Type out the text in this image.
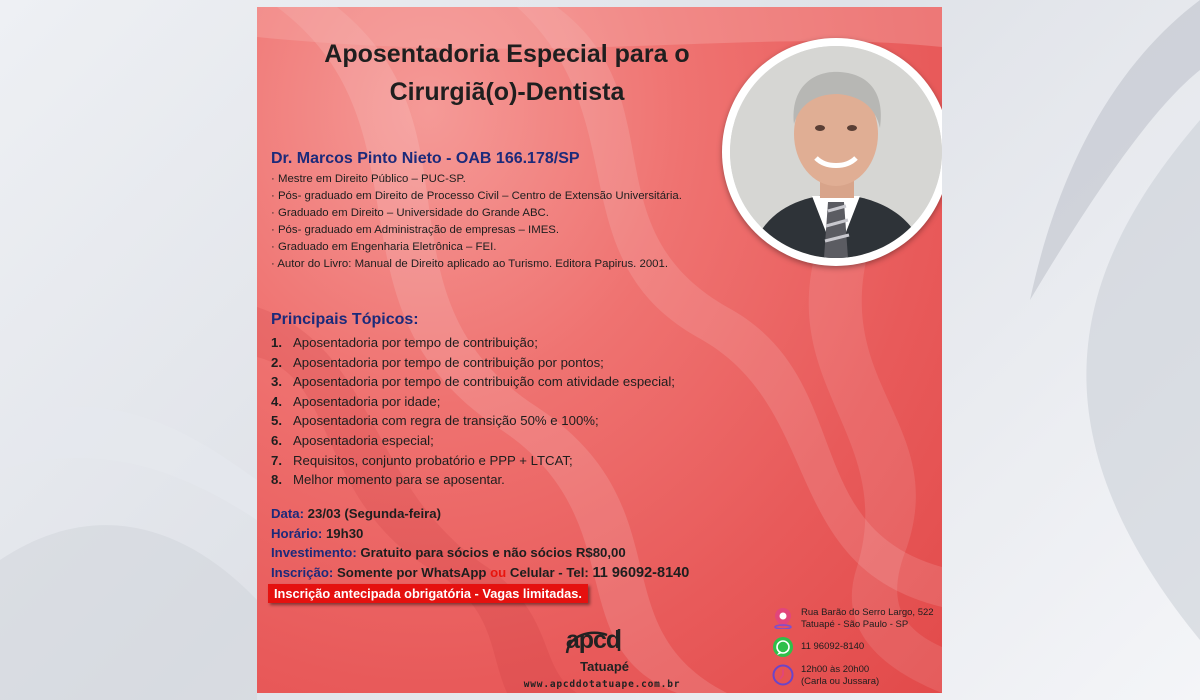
Aposentadoria Especial para o
Cirurgiã(o)-Dentista
Dr. Marcos Pinto Nieto - OAB 166.178/SP
· Mestre em Direito Público – PUC-SP.
· Pós- graduado em Direito de Processo Civil – Centro de Extensão Universitária.
· Graduado em Direito – Universidade do Grande ABC.
· Pós- graduado em Administração de empresas – IMES.
· Graduado em Engenharia Eletrônica – FEI.
· Autor do Livro: Manual de Direito aplicado ao Turismo. Editora Papirus. 2001.
Principais Tópicos:
1. Aposentadoria por tempo de contribuição;
2. Aposentadoria por tempo de contribuição por pontos;
3. Aposentadoria por tempo de contribuição com atividade especial;
4. Aposentadoria por idade;
5. Aposentadoria com regra de transição 50% e 100%;
6. Aposentadoria especial;
7. Requisitos, conjunto probatório e PPP + LTCAT;
8. Melhor momento para se aposentar.
Data: 23/03 (Segunda-feira)
Horário: 19h30
Investimento: Gratuito para sócios e não sócios R$80,00
Inscrição: Somente por WhatsApp ou Celular - Tel: 11 96092-8140
Inscrição antecipada obrigatória - Vagas limitadas.
apcd
Tatuapé
www.apcddotatuape.com.br
Rua Barão do Serro Largo, 522
Tatuapé - São Paulo - SP
11 96092-8140
12h00 às 20h00
(Carla ou Jussara)
